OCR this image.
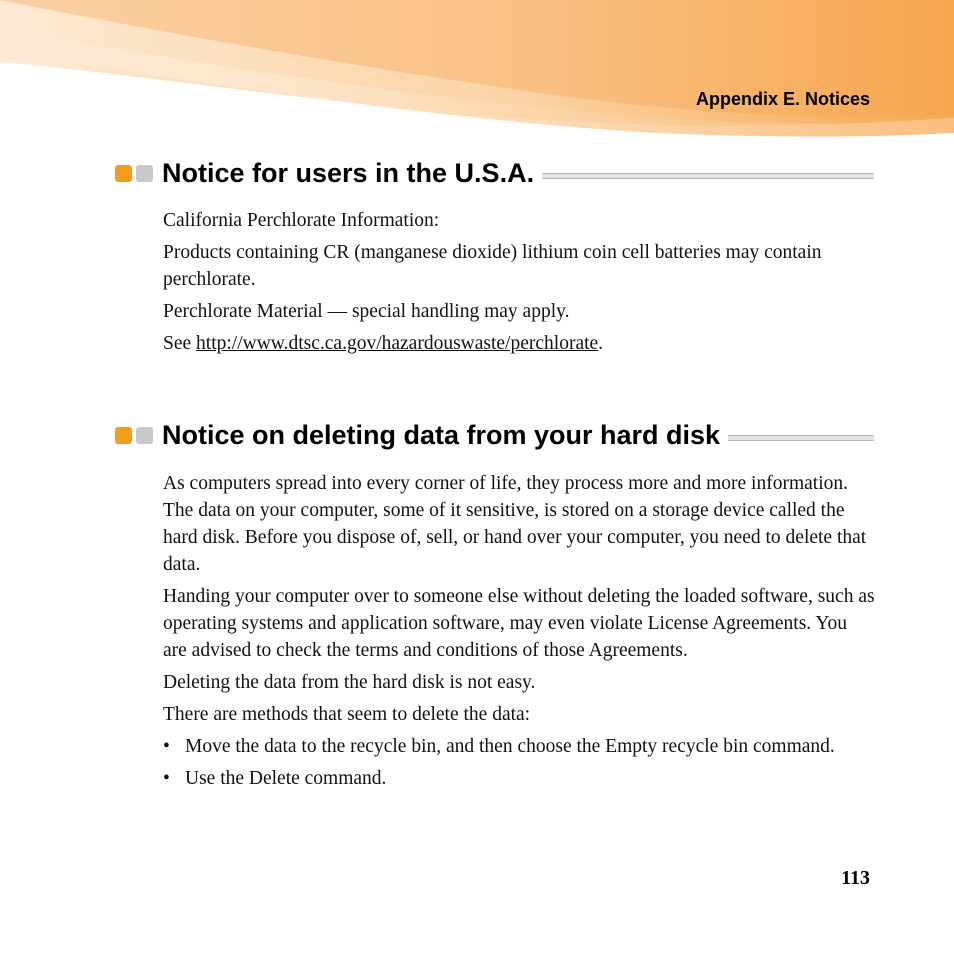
Appendix E. Notices
Notice for users in the U.S.A.

California Perchlorate Information:

Products containing CR (manganese dioxide) lithium coin cell batteries may contain perchlorate.

Perchlorate Material — special handling may apply.

See http://www.dtsc.ca.gov/hazardouswaste/perchlorate.

Notice on deleting data from your hard disk

As computers spread into every corner of life, they process more and more information. The data on your computer, some of it sensitive, is stored on a storage device called the hard disk. Before you dispose of, sell, or hand over your computer, you need to delete that data.

Handing your computer over to someone else without deleting the loaded software, such as operating systems and application software, may even violate License Agreements. You are advised to check the terms and conditions of those Agreements.

Deleting the data from the hard disk is not easy.

There are methods that seem to delete the data:

• Move the data to the recycle bin, and then choose the Empty recycle bin command.
• Use the Delete command.
113
